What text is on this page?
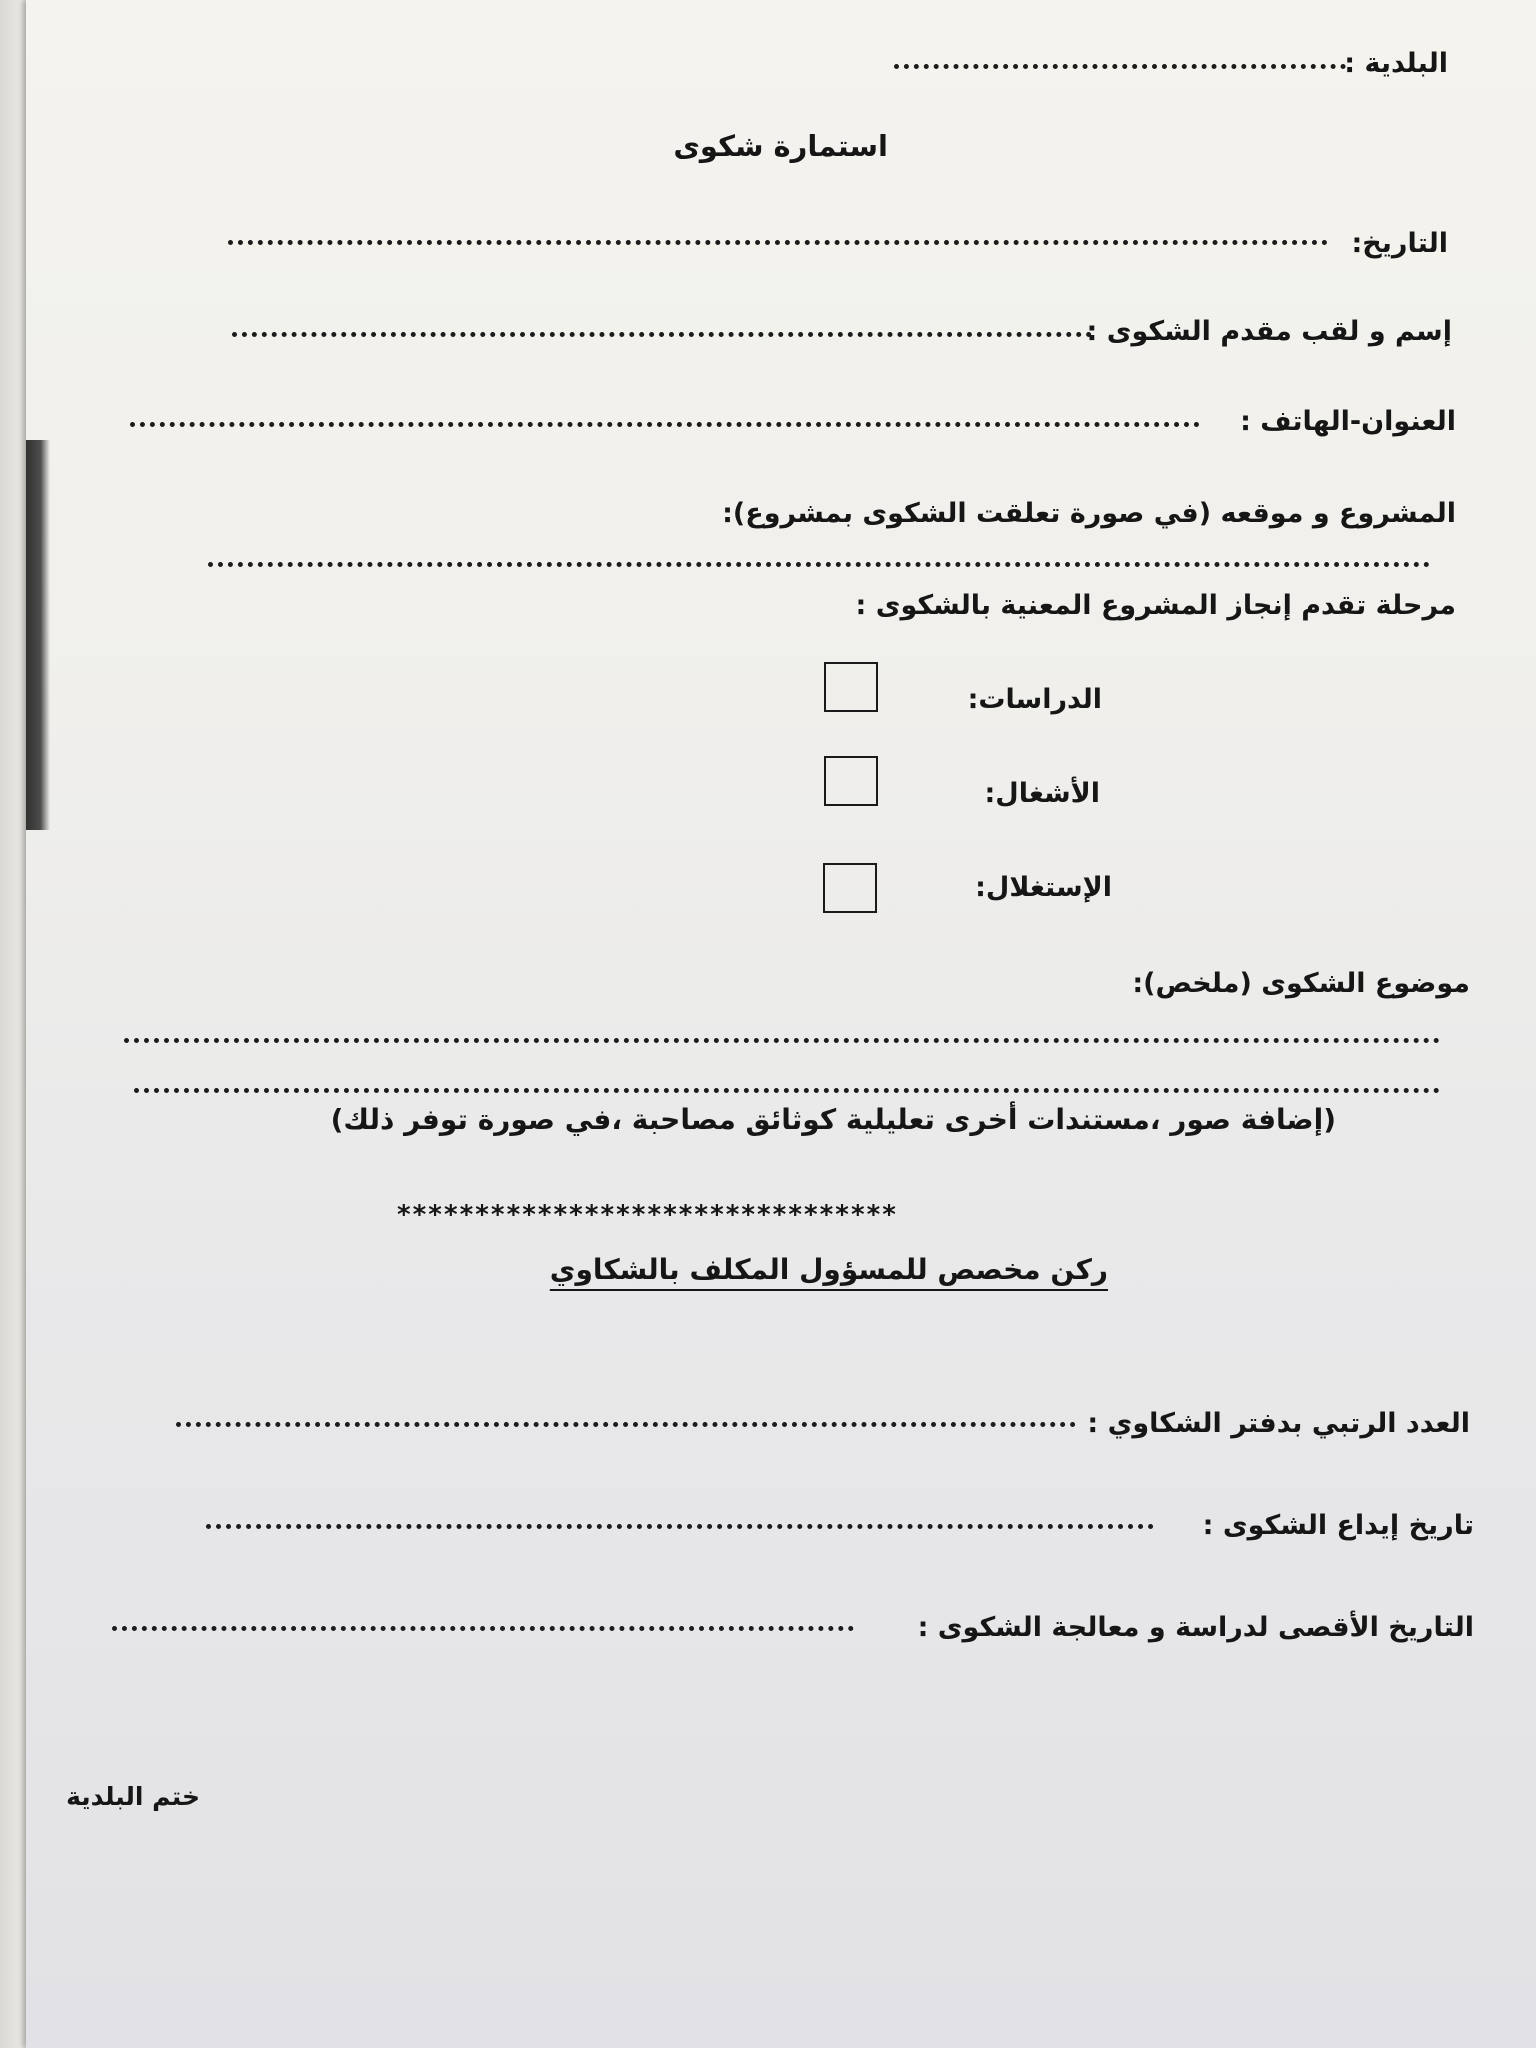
البلدية :
استمارة شكوى
التاريخ:
إسم و لقب مقدم الشكوى :
العنوان-الهاتف :
المشروع و موقعه (في صورة تعلقت الشكوى بمشروع):
مرحلة تقدم إنجاز المشروع المعنية بالشكوى :
الدراسات:
الأشغال:
الإستغلال:
موضوع الشكوى (ملخص):
(إضافة صور ،مستندات أخرى تعليلية كوثائق مصاحبة ،في صورة توفر ذلك)
********************************
ركن مخصص للمسؤول المكلف بالشكاوي
العدد الرتبي بدفتر الشكاوي :
تاريخ إيداع الشكوى :
التاريخ الأقصى لدراسة و معالجة الشكوى :
ختم البلدية
